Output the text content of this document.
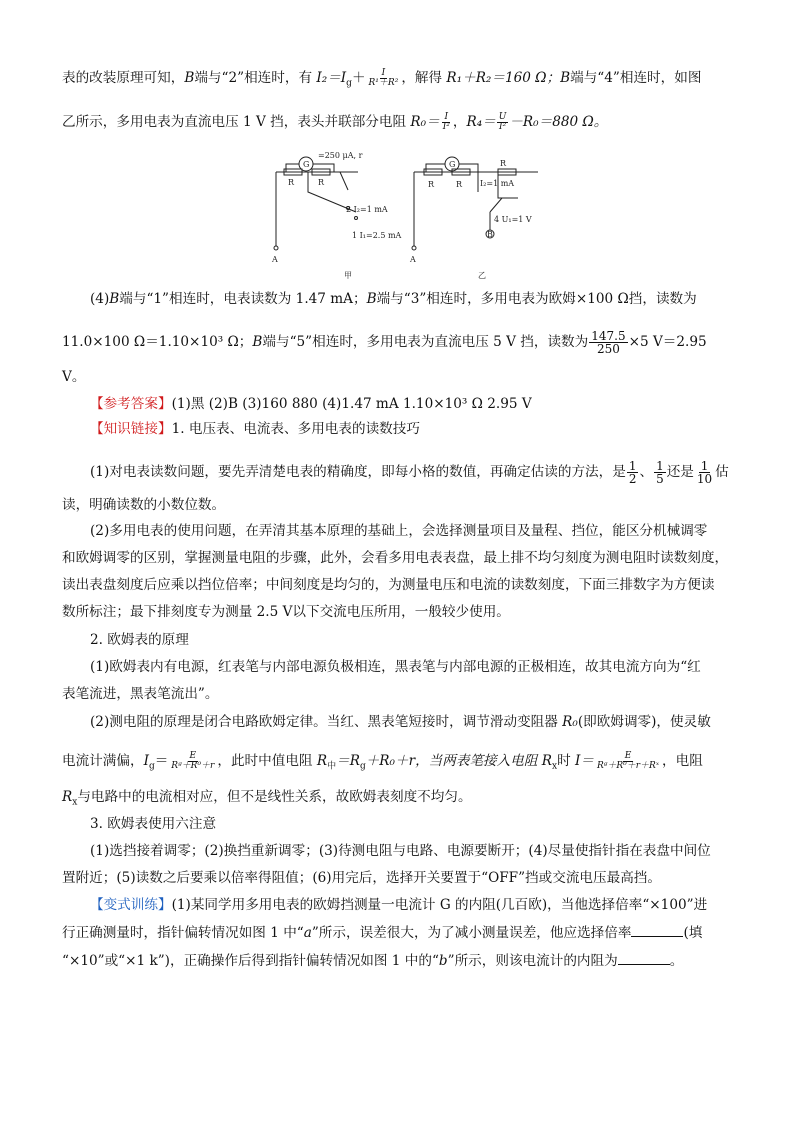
表的改装原理可知，B端与“2”相连时，有 $I_2=I_g+ \frac{I}{\text{R¹＋R²}}$ ，解得 R₁＋R₂＝160 Ω；B端与“4”相连时，如图
乙所示，多用电表为直流电压 1 V 挡，表头并联部分电阻 $R_0= \frac{I}{\text{I²}}$ ，$R_4= \frac{U}{\text{I²}} -R_0=880$ Ω。
=250 μA, r
G	G
R	R	R	R
R
2 I₂=1 mA
1 I₁=2.5 mA
I₂=1 mA
4 U₁=1 V
A	A
B
甲	乙
(4)B端与“1”相连时，电表读数为 1.47 mA；B端与“3”相连时，多用电表为欧姆×100 Ω挡，读数为
11.0×100 Ω＝1.10×10³ Ω；B端与“5”相连时，多用电表为直流电压 5 V 挡，读数为 $\frac{147.5}{250} \times 5$ V＝2.95
V。
【参考答案】(1)黑 (2)B (3)160 880 (4)1.47 mA 1.10×10³ Ω 2.95 V
【知识链接】1. 电压表、电流表、多用电表的读数技巧
(1)对电表读数问题，要先弄清楚电表的精确度，即每小格的数值，再确定估读的方法，是 $\frac{1}{2}$ 、 $\frac{1}{5}$ 还是 $\frac{1}{10}$ 估
读，明确读数的小数位数。
(2)多用电表的使用问题，在弄清其基本原理的基础上，会选择测量项目及量程、挡位，能区分机械调零
和欧姆调零的区别，掌握测量电阻的步骤，此外，会看多用电表表盘，最上排不均匀刻度为测电阻时读数刻度，
读出表盘刻度后应乘以挡位倍率；中间刻度是均匀的，为测量电压和电流的读数刻度，下面三排数字为方便读
数所标注；最下排刻度专为测量 2.5 V以下交流电压所用，一般较少使用。
2. 欧姆表的原理
(1)欧姆表内有电源，红表笔与内部电源负极相连，黑表笔与内部电源的正极相连，故其电流方向为“红
表笔流进，黑表笔流出”。
(2)测电阻的原理是闭合电路欧姆定律。当红、黑表笔短接时，调节滑动变阻器 R₀(即欧姆调零)，使灵敏
电流计满偏，$I_g= \frac{E}{\text{Rᵍ＋R⁰＋r}}$ ，此时中值电阻 $R_中=R_g+R_0+r$，当两表笔接入电阻 $R_x$时 $I= \frac{E}{\text{Rᵍ＋R⁰＋r＋Rˣ}}$ ，电阻
$R_x$与电路中的电流相对应，但不是线性关系，故欧姆表刻度不均匀。
3. 欧姆表使用六注意
(1)选挡接着调零；(2)换挡重新调零；(3)待测电阻与电路、电源要断开；(4)尽量使指针指在表盘中间位
置附近；(5)读数之后要乘以倍率得阻值；(6)用完后，选择开关要置于“OFF”挡或交流电压最高挡。
【变式训练】(1)某同学用多用电表的欧姆挡测量一电流计 G 的内阻(几百欧)，当他选择倍率“×100”进
行正确测量时，指针偏转情况如图 1 中“a”所示，误差很大，为了减小测量误差，他应选择倍率	(填
“×10”或“×1 k”)，正确操作后得到指针偏转情况如图 1 中的“b”所示，则该电流计的内阻为	。
